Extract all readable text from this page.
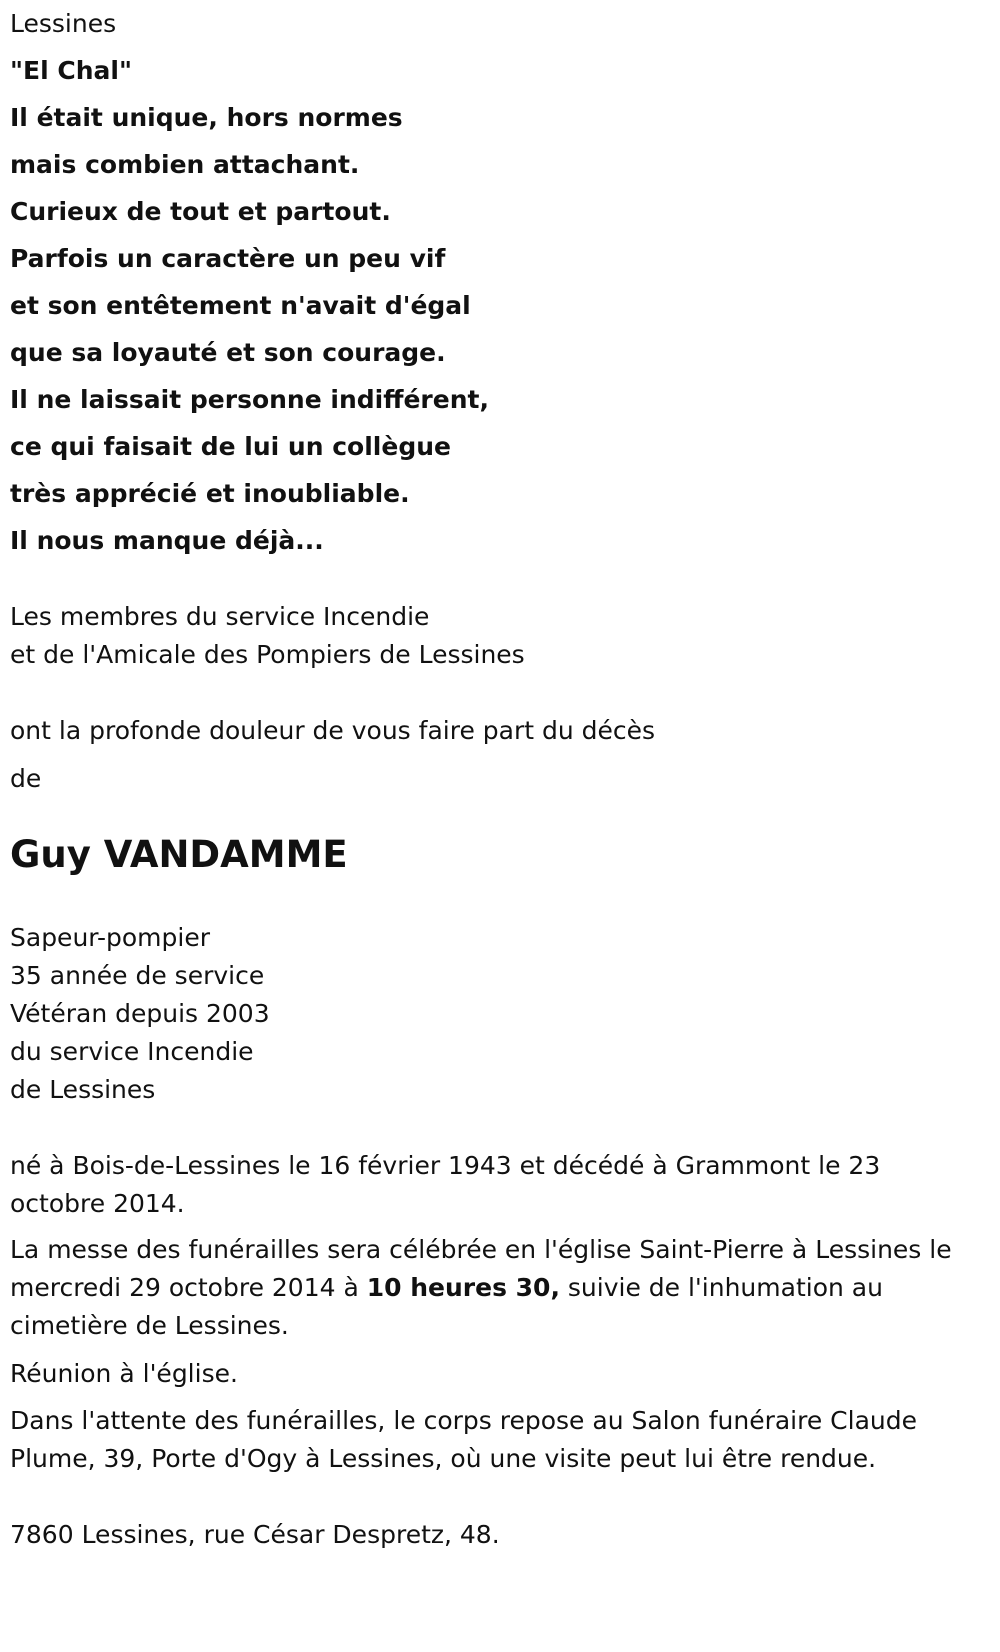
Lessines

"El Chal"

Il était unique, hors normes

mais combien attachant.

Curieux de tout et partout.

Parfois un caractère un peu vif

et son entêtement n'avait d'égal

que sa loyauté et son courage.

Il ne laissait personne indifférent,

ce qui faisait de lui un collègue

très apprécié et inoubliable.

Il nous manque déjà...

Les membres du service Incendie

et de l'Amicale des Pompiers de Lessines

ont la profonde douleur de vous faire part du décès

de

Guy VANDAMME

Sapeur-pompier

35 année de service

Vétéran depuis 2003

du service Incendie

de Lessines

né à Bois-de-Lessines le 16 février 1943 et décédé à Grammont le 23 octobre 2014.

La messe des funérailles sera célébrée en l'église Saint-Pierre à Lessines le mercredi 29 octobre 2014 à 10 heures 30, suivie de l'inhumation au cimetière de Lessines.

Réunion à l'église.

Dans l'attente des funérailles, le corps repose au Salon funéraire Claude Plume, 39, Porte d'Ogy à Lessines, où une visite peut lui être rendue.

7860 Lessines, rue César Despretz, 48.
